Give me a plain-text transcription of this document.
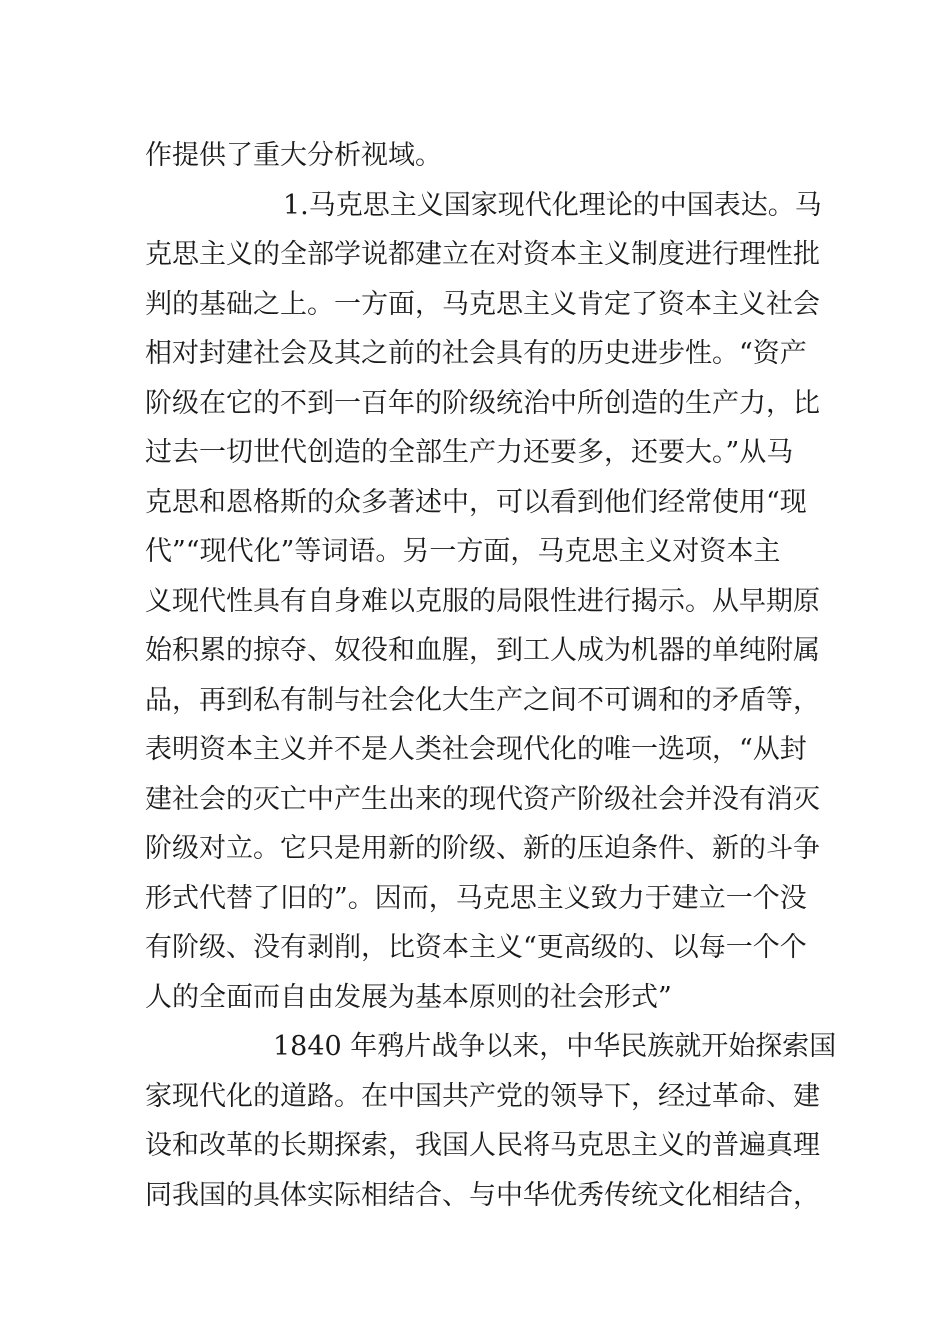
作提供了重大分析视域。
1.马克思主义国家现代化理论的中国表达。马
克思主义的全部学说都建立在对资本主义制度进行理性批
判的基础之上。一方面，马克思主义肯定了资本主义社会
相对封建社会及其之前的社会具有的历史进步性。“资产
阶级在它的不到一百年的阶级统治中所创造的生产力，比
过去一切世代创造的全部生产力还要多，还要大。”从马
克思和恩格斯的众多著述中，可以看到他们经常使用“现
代”“现代化”等词语。另一方面，马克思主义对资本主
义现代性具有自身难以克服的局限性进行揭示。从早期原
始积累的掠夺、奴役和血腥，到工人成为机器的单纯附属
品，再到私有制与社会化大生产之间不可调和的矛盾等，
表明资本主义并不是人类社会现代化的唯一选项，“从封
建社会的灭亡中产生出来的现代资产阶级社会并没有消灭
阶级对立。它只是用新的阶级、新的压迫条件、新的斗争
形式代替了旧的”。因而，马克思主义致力于建立一个没
有阶级、没有剥削，比资本主义“更高级的、以每一个个
人的全面而自由发展为基本原则的社会形式”
1840 年鸦片战争以来，中华民族就开始探索国
家现代化的道路。在中国共产党的领导下，经过革命、建
设和改革的长期探索，我国人民将马克思主义的普遍真理
同我国的具体实际相结合、与中华优秀传统文化相结合，
